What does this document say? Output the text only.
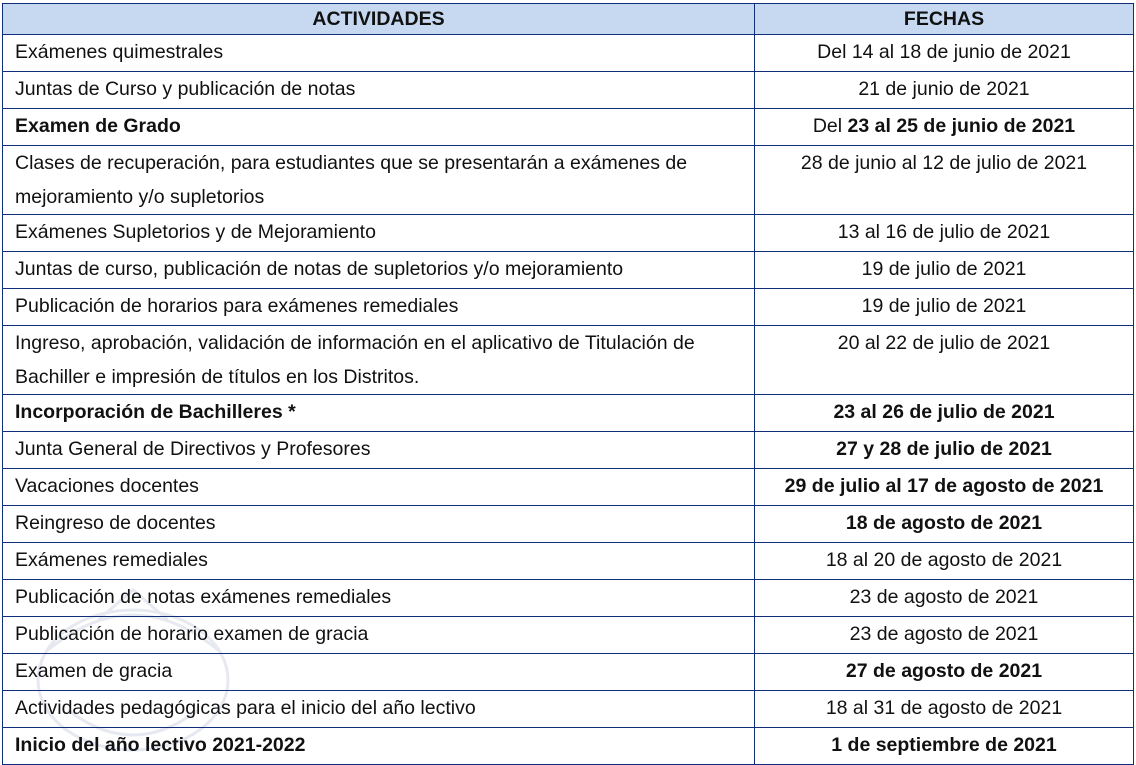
ACTIVIDADES	FECHAS
Exámenes quimestrales	Del 14 al 18 de junio de 2021
Juntas de Curso y publicación de notas	21 de junio de 2021
Examen de Grado	Del 23 al 25 de junio de 2021
Clases de recuperación, para estudiantes que se presentarán a exámenes de mejoramiento y/o supletorios	28 de junio al 12 de julio de 2021
Exámenes Supletorios y de Mejoramiento	13 al 16 de julio de 2021
Juntas de curso, publicación de notas de supletorios y/o mejoramiento	19 de julio de 2021
Publicación de horarios para exámenes remediales	19 de julio de 2021
Ingreso, aprobación, validación de información en el aplicativo de Titulación de Bachiller e impresión de títulos en los Distritos.	20 al 22 de julio de 2021
Incorporación de Bachilleres *	23 al 26 de julio de 2021
Junta General de Directivos y Profesores	27 y 28 de julio de 2021
Vacaciones docentes	29 de julio al 17 de agosto de 2021
Reingreso de docentes	18 de agosto de 2021
Exámenes remediales	18 al 20 de agosto de 2021
Publicación de notas exámenes remediales	23 de agosto de 2021
Publicación de horario examen de gracia	23 de agosto de 2021
Examen de gracia	27 de agosto de 2021
Actividades pedagógicas para el inicio del año lectivo	18 al 31 de agosto de 2021
Inicio del año lectivo 2021-2022	1 de septiembre de 2021
